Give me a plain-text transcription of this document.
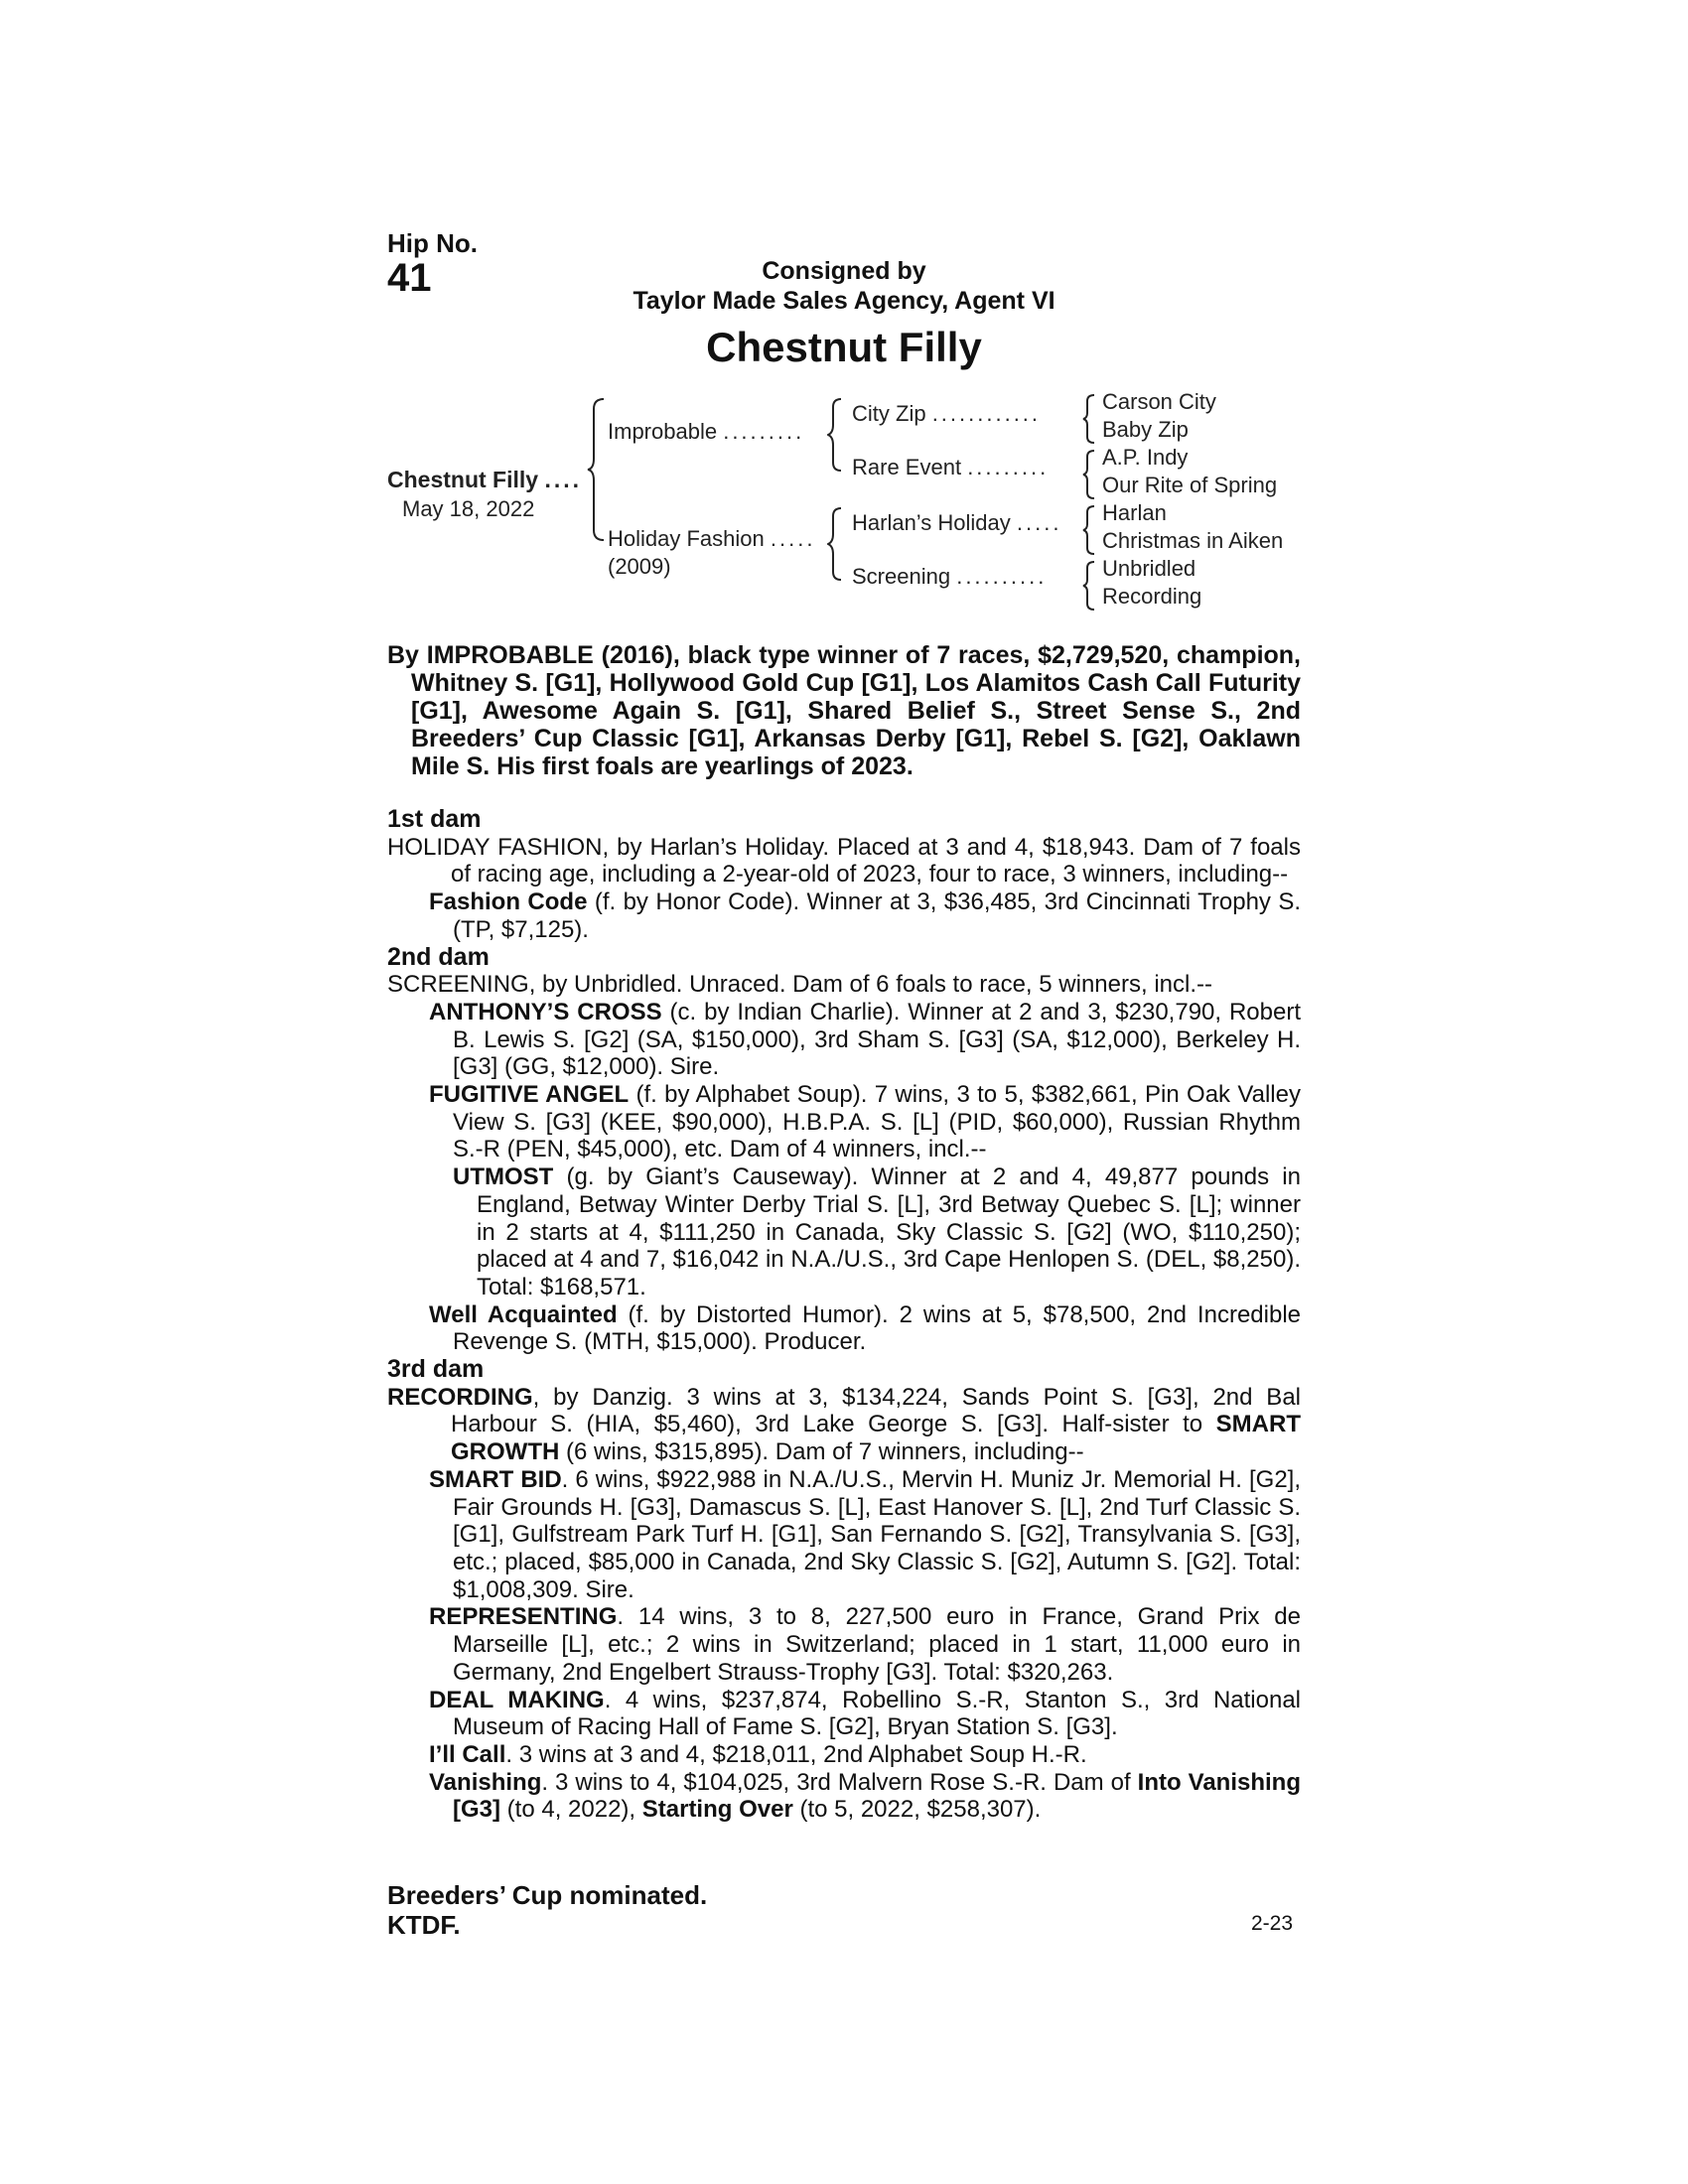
Hip No.
41	Consigned by
Taylor Made Sales Agency, Agent VI
Chestnut Filly
Chestnut Filly ....
May 18, 2022
Improbable .........
Holiday Fashion .....
(2009)
City Zip ............
Rare Event .........
Harlan’s Holiday .....
Screening ..........
Carson City
Baby Zip
A.P. Indy
Our Rite of Spring
Harlan
Christmas in Aiken
Unbridled
Recording

By IMPROBABLE (2016), black type winner of 7 races, $2,729,520, champion, Whitney S. [G1], Hollywood Gold Cup [G1], Los Alamitos Cash Call Futurity [G1], Awesome Again S. [G1], Shared Belief S., Street Sense S., 2nd Breeders’ Cup Classic [G1], Arkansas Derby [G1], Rebel S. [G2], Oaklawn Mile S. His first foals are yearlings of 2023.

1st dam
HOLIDAY FASHION, by Harlan’s Holiday. Placed at 3 and 4, $18,943. Dam of 7 foals of racing age, including a 2-year-old of 2023, four to race, 3 winners, including--
Fashion Code (f. by Honor Code). Winner at 3, $36,485, 3rd Cincinnati Trophy S. (TP, $7,125).
2nd dam
SCREENING, by Unbridled. Unraced. Dam of 6 foals to race, 5 winners, incl.--
ANTHONY’S CROSS (c. by Indian Charlie). Winner at 2 and 3, $230,790, Robert B. Lewis S. [G2] (SA, $150,000), 3rd Sham S. [G3] (SA, $12,000), Berkeley H. [G3] (GG, $12,000). Sire.
FUGITIVE ANGEL (f. by Alphabet Soup). 7 wins, 3 to 5, $382,661, Pin Oak Valley View S. [G3] (KEE, $90,000), H.B.P.A. S. [L] (PID, $60,000), Russian Rhythm S.-R (PEN, $45,000), etc. Dam of 4 winners, incl.--
UTMOST (g. by Giant’s Causeway). Winner at 2 and 4, 49,877 pounds in England, Betway Winter Derby Trial S. [L], 3rd Betway Quebec S. [L]; winner in 2 starts at 4, $111,250 in Canada, Sky Classic S. [G2] (WO, $110,250); placed at 4 and 7, $16,042 in N.A./U.S., 3rd Cape Henlopen S. (DEL, $8,250). Total: $168,571.
Well Acquainted (f. by Distorted Humor). 2 wins at 5, $78,500, 2nd Incredible Revenge S. (MTH, $15,000). Producer.
3rd dam
RECORDING, by Danzig. 3 wins at 3, $134,224, Sands Point S. [G3], 2nd Bal Harbour S. (HIA, $5,460), 3rd Lake George S. [G3]. Half-sister to SMART GROWTH (6 wins, $315,895). Dam of 7 winners, including--
SMART BID. 6 wins, $922,988 in N.A./U.S., Mervin H. Muniz Jr. Memorial H. [G2], Fair Grounds H. [G3], Damascus S. [L], East Hanover S. [L], 2nd Turf Classic S. [G1], Gulfstream Park Turf H. [G1], San Fernando S. [G2], Transylvania S. [G3], etc.; placed, $85,000 in Canada, 2nd Sky Classic S. [G2], Autumn S. [G2]. Total: $1,008,309. Sire.
REPRESENTING. 14 wins, 3 to 8, 227,500 euro in France, Grand Prix de Marseille [L], etc.; 2 wins in Switzerland; placed in 1 start, 11,000 euro in Germany, 2nd Engelbert Strauss-Trophy [G3]. Total: $320,263.
DEAL MAKING. 4 wins, $237,874, Robellino S.-R, Stanton S., 3rd National Museum of Racing Hall of Fame S. [G2], Bryan Station S. [G3].
I’ll Call. 3 wins at 3 and 4, $218,011, 2nd Alphabet Soup H.-R.
Vanishing. 3 wins to 4, $104,025, 3rd Malvern Rose S.-R. Dam of Into Vanishing [G3] (to 4, 2022), Starting Over (to 5, 2022, $258,307).
Breeders’ Cup nominated.
KTDF.	2-23
